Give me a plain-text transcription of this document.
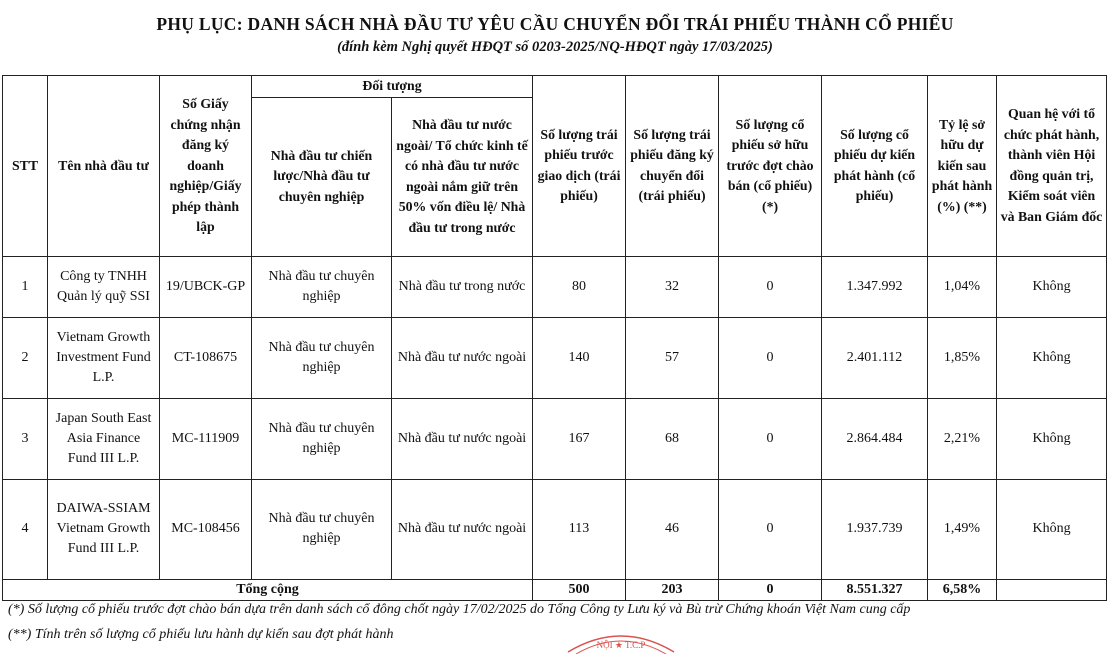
PHỤ LỤC: DANH SÁCH NHÀ ĐẦU TƯ YÊU CẦU CHUYỂN ĐỔI TRÁI PHIẾU THÀNH CỔ PHIẾU
(đính kèm Nghị quyết HĐQT số 0203-2025/NQ-HĐQT ngày 17/03/2025)
STT	Tên nhà đầu tư	Số Giấy chứng nhận đăng ký doanh nghiệp/Giấy phép thành lập	Đối tượng		Số lượng trái phiếu trước giao dịch (trái phiếu)	Số lượng trái phiếu đăng ký chuyển đổi (trái phiếu)	Số lượng cổ phiếu sở hữu trước đợt chào bán (cổ phiếu) (*)	Số lượng cổ phiếu dự kiến phát hành (cổ phiếu)	Tỷ lệ sở hữu dự kiến sau phát hành (%) (**)	Quan hệ với tổ chức phát hành, thành viên Hội đồng quản trị, Kiểm soát viên và Ban Giám đốc
			Nhà đầu tư chiến lược/Nhà đầu tư chuyên nghiệp	Nhà đầu tư nước ngoài/ Tổ chức kinh tế có nhà đầu tư nước ngoài nắm giữ trên 50% vốn điều lệ/ Nhà đầu tư trong nước						
1	Công ty TNHH Quản lý quỹ SSI	19/UBCK-GP	Nhà đầu tư chuyên nghiệp	Nhà đầu tư trong nước	80	32	0	1.347.992	1,04%	Không
2	Vietnam Growth Investment Fund L.P.	CT-108675	Nhà đầu tư chuyên nghiệp	Nhà đầu tư nước ngoài	140	57	0	2.401.112	1,85%	Không
3	Japan South East Asia Finance Fund III L.P.	MC-111909	Nhà đầu tư chuyên nghiệp	Nhà đầu tư nước ngoài	167	68	0	2.864.484	2,21%	Không
4	DAIWA-SSIAM Vietnam Growth Fund III L.P.	MC-108456	Nhà đầu tư chuyên nghiệp	Nhà đầu tư nước ngoài	113	46	0	1.937.739	1,49%	Không
Tổng cộng					500	203	0	8.551.327	6,58%	
(*) Số lượng cổ phiếu trước đợt chào bán dựa trên danh sách cổ đông chốt ngày 17/02/2025 do Tổng Công ty Lưu ký và Bù trừ Chứng khoán Việt Nam cung cấp
(**) Tính trên số lượng cổ phiếu lưu hành dự kiến sau đợt phát hành
NỘI ★ T.C.P
